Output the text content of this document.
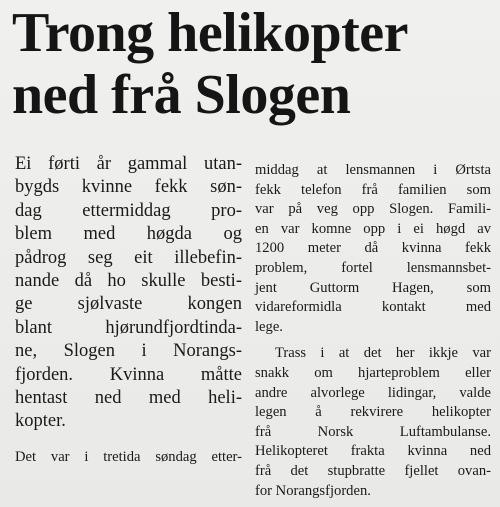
Trong helikopter
ned frå Slogen
Ei førti år gammal utan-
bygds kvinne fekk søn-
dag ettermiddag pro-
blem med høgda og
pådrog seg eit illebefin-
nande då ho skulle besti-
ge sjølvaste kongen
blant hjørundfjordtinda-
ne, Slogen i Norangs-
fjorden. Kvinna måtte
hentast ned med heli-
kopter.
Det var i tretida søndag etter-
middag at lensmannen i Ørtsta
fekk telefon frå familien som
var på veg opp Slogen. Famili-
en var komne opp i ei høgd av
1200 meter då kvinna fekk
problem, fortel lensmannsbet-
jent Guttorm Hagen, som
vidareformidla kontakt med
lege.
Trass i at det her ikkje var
snakk om hjarteproblem eller
andre alvorlege lidingar, valde
legen å rekvirere helikopter
frå Norsk Luftambulanse.
Helikopteret frakta kvinna ned
frå det stupbratte fjellet ovan-
for Norangsfjorden.
